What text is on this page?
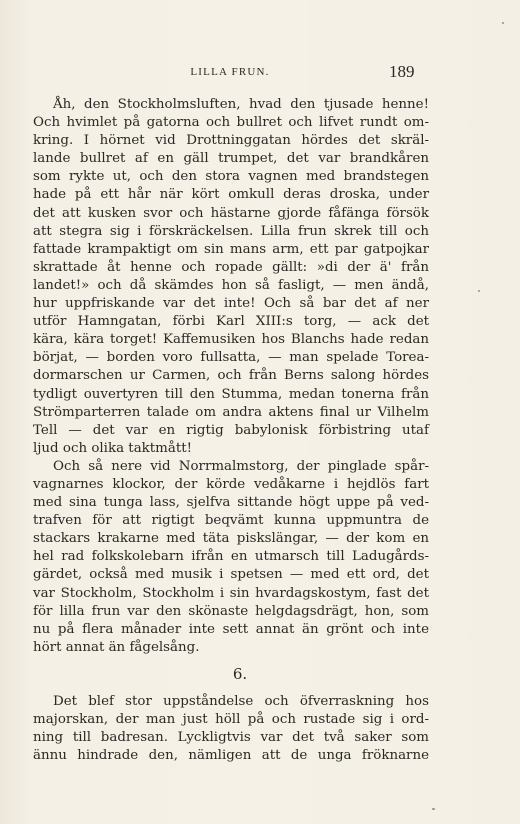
LILLA FRUN.	189
Åh, den Stockholmsluften, hvad den tjusade henne!
Och hvimlet på gatorna och bullret och lifvet rundt om-
kring. I hörnet vid Drottninggatan hördes det skräl-
lande bullret af en gäll trumpet, det var brandkåren
som rykte ut, och den stora vagnen med brandstegen
hade på ett hår när kört omkull deras droska, under
det att kusken svor och hästarne gjorde fåfänga försök
att stegra sig i förskräckelsen. Lilla frun skrek till och
fattade krampaktigt om sin mans arm, ett par gatpojkar
skrattade åt henne och ropade gällt: »di der ä' från
landet!» och då skämdes hon så fasligt, — men ändå,
hur uppfriskande var det inte! Och så bar det af ner
utför Hamngatan, förbi Karl XIII:s torg, — ack det
kära, kära torget! Kaffemusiken hos Blanchs hade redan
börjat, — borden voro fullsatta, — man spelade Torea-
dormarschen ur Carmen, och från Berns salong hördes
tydligt ouvertyren till den Stumma, medan tonerna från
Strömparterren talade om andra aktens final ur Vilhelm
Tell — det var en rigtig babylonisk förbistring utaf
ljud och olika taktmått!
Och så nere vid Norrmalmstorg, der pinglade spår-
vagnarnes klockor, der körde vedåkarne i hejdlös fart
med sina tunga lass, sjelfva sittande högt uppe på ved-
trafven för att rigtigt beqvämt kunna uppmuntra de
stackars krakarne med täta piskslängar, — der kom en
hel rad folkskolebarn ifrån en utmarsch till Ladugårds-
gärdet, också med musik i spetsen — med ett ord, det
var Stockholm, Stockholm i sin hvardagskostym, fast det
för lilla frun var den skönaste helgdagsdrägt, hon, som
nu på flera månader inte sett annat än grönt och inte
hört annat än fågelsång.
6.
Det blef stor uppståndelse och öfverraskning hos
majorskan, der man just höll på och rustade sig i ord-
ning till badresan. Lyckligtvis var det två saker som
ännu hindrade den, nämligen att de unga fröknarne
